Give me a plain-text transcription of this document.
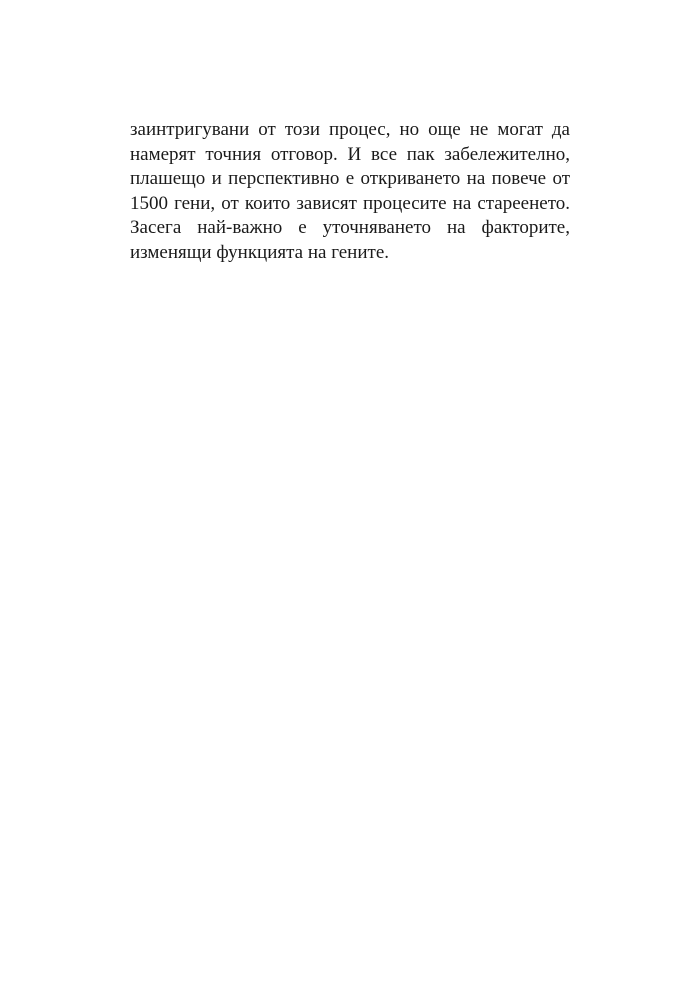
заинтригувани от този процес, но още не могат да
намерят точния отговор. И все пак забележително,
плашещо и перспективно е откриването на повече от
1500 гени, от които зависят процесите на стареенето.
Засега най-важно е уточняването на факторите,
изменящи функцията на гените.
